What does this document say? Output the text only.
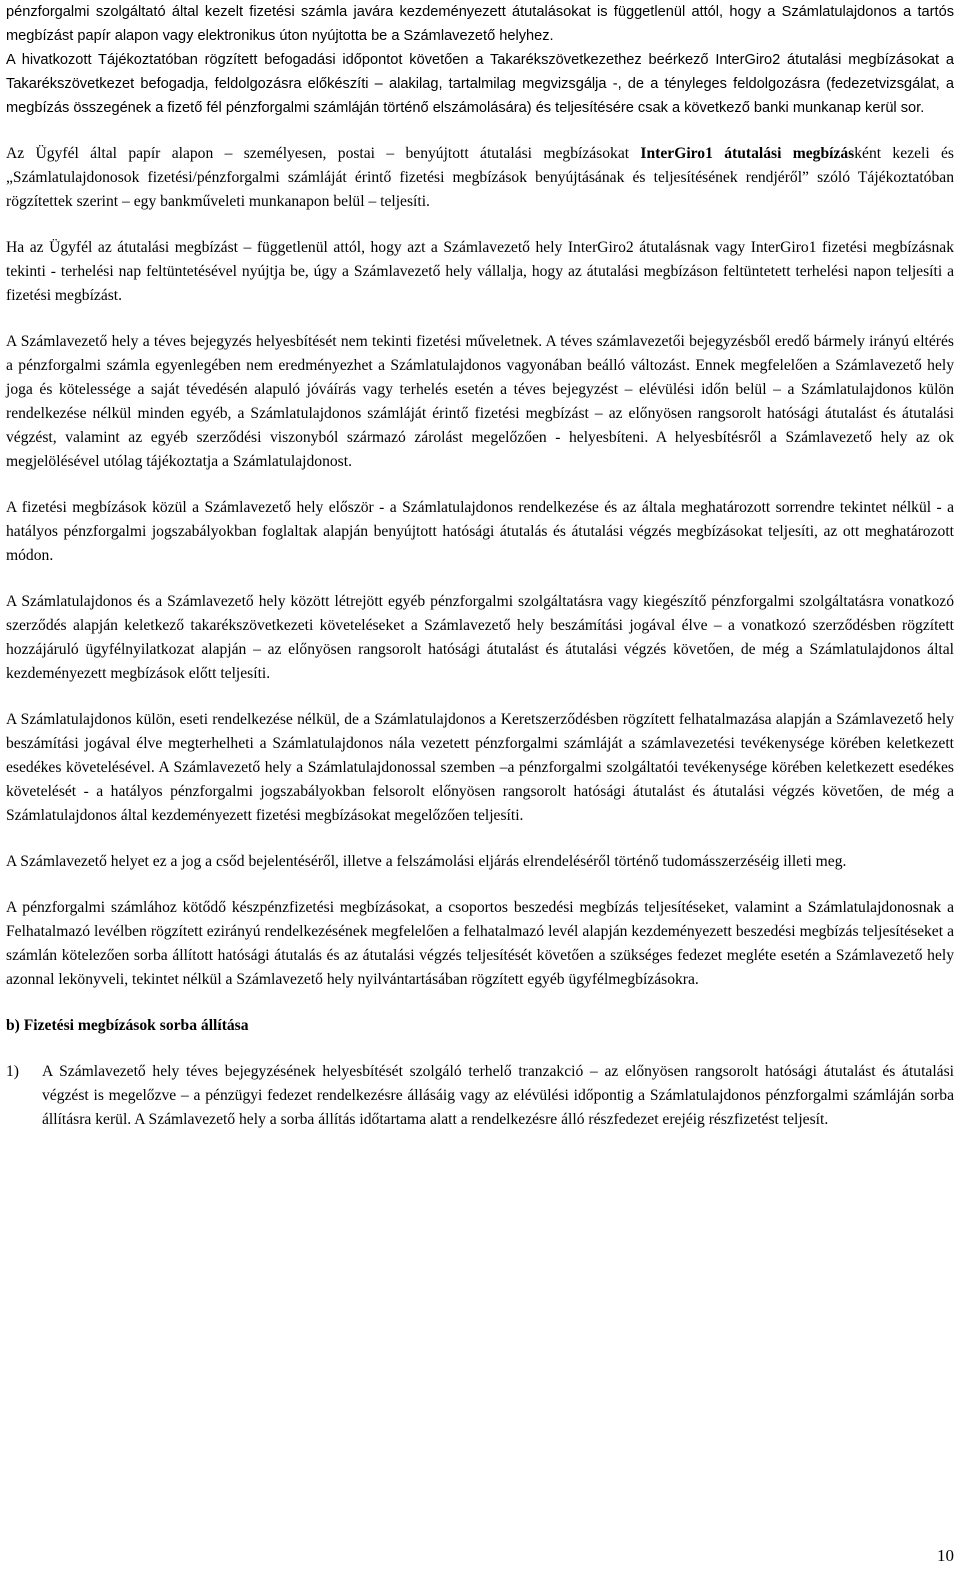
pénzforgalmi szolgáltató által kezelt fizetési számla javára kezdeményezett átutalásokat is függetlenül attól, hogy a Számlatulajdonos a tartós megbízást papír alapon vagy elektronikus úton nyújtotta be a Számlavezető helyhez.

A hivatkozott Tájékoztatóban rögzített befogadási időpontot követően a Takarékszövetkezethez beérkező InterGiro2 átutalási megbízásokat a Takarékszövetkezet befogadja, feldolgozásra előkészíti – alakilag, tartalmilag megvizsgálja -, de a tényleges feldolgozásra (fedezetvizsgálat, a megbízás összegének a fizető fél pénzforgalmi számláján történő elszámolására) és teljesítésére csak a következő banki munkanap kerül sor.

Az Ügyfél által papír alapon – személyesen, postai – benyújtott átutalási megbízásokat InterGiro1 átutalási megbízásként kezeli és „Számlatulajdonosok fizetési/pénzforgalmi számláját érintő fizetési megbízások benyújtásának és teljesítésének rendjéről” szóló Tájékoztatóban rögzítettek szerint – egy bankműveleti munkanapon belül – teljesíti.

Ha az Ügyfél az átutalási megbízást – függetlenül attól, hogy azt a Számlavezető hely InterGiro2 átutalásnak vagy InterGiro1 fizetési megbízásnak tekinti - terhelési nap feltüntetésével nyújtja be, úgy a Számlavezető hely vállalja, hogy az átutalási megbízáson feltüntetett terhelési napon teljesíti a fizetési megbízást.

A Számlavezető hely a téves bejegyzés helyesbítését nem tekinti fizetési műveletnek. A téves számlavezetői bejegyzésből eredő bármely irányú eltérés a pénzforgalmi számla egyenlegében nem eredményezhet a Számlatulajdonos vagyonában beálló változást. Ennek megfelelően a Számlavezető hely joga és kötelessége a saját tévedésén alapuló jóváírás vagy terhelés esetén a téves bejegyzést – elévülési időn belül – a Számlatulajdonos külön rendelkezése nélkül minden egyéb, a Számlatulajdonos számláját érintő fizetési megbízást – az előnyösen rangsorolt hatósági átutalást és átutalási végzést, valamint az egyéb szerződési viszonyból származó zárolást megelőzően - helyesbíteni. A helyesbítésről a Számlavezető hely az ok megjelölésével utólag tájékoztatja a Számlatulajdonost.

A fizetési megbízások közül a Számlavezető hely először - a Számlatulajdonos rendelkezése és az általa meghatározott sorrendre tekintet nélkül - a hatályos pénzforgalmi jogszabályokban foglaltak alapján benyújtott hatósági átutalás és átutalási végzés megbízásokat teljesíti, az ott meghatározott módon.

A Számlatulajdonos és a Számlavezető hely között létrejött egyéb pénzforgalmi szolgáltatásra vagy kiegészítő pénzforgalmi szolgáltatásra vonatkozó szerződés alapján keletkező takarékszövetkezeti követeléseket a Számlavezető hely beszámítási jogával élve – a vonatkozó szerződésben rögzített hozzájáruló ügyfélnyilatkozat alapján – az előnyösen rangsorolt hatósági átutalást és átutalási végzés követően, de még a Számlatulajdonos által kezdeményezett megbízások előtt teljesíti.

A Számlatulajdonos külön, eseti rendelkezése nélkül, de a Számlatulajdonos a Keretszerződésben rögzített felhatalmazása alapján a Számlavezető hely beszámítási jogával élve megterhelheti a Számlatulajdonos nála vezetett pénzforgalmi számláját a számlavezetési tevékenysége körében keletkezett esedékes követelésével. A Számlavezető hely a Számlatulajdonossal szemben –a pénzforgalmi szolgáltatói tevékenysége körében keletkezett esedékes követelését - a hatályos pénzforgalmi jogszabályokban felsorolt előnyösen rangsorolt hatósági átutalást és átutalási végzés követően, de még a Számlatulajdonos által kezdeményezett fizetési megbízásokat megelőzően teljesíti.

A Számlavezető helyet ez a jog a csőd bejelentéséről, illetve a felszámolási eljárás elrendeléséről történő tudomásszerzéséig illeti meg.

A pénzforgalmi számlához kötődő készpénzfizetési megbízásokat, a csoportos beszedési megbízás teljesítéseket, valamint a Számlatulajdonosnak a Felhatalmazó levélben rögzített ezirányú rendelkezésének megfelelően a felhatalmazó levél alapján kezdeményezett beszedési megbízás teljesítéseket a számlán kötelezően sorba állított hatósági átutalás és az átutalási végzés teljesítését követően a szükséges fedezet megléte esetén a Számlavezető hely azonnal lekönyveli, tekintet nélkül a Számlavezető hely nyilvántartásában rögzített egyéb ügyfélmegbízásokra.

b) Fizetési megbízások sorba állítása

1)	A Számlavezető hely téves bejegyzésének helyesbítését szolgáló terhelő tranzakció – az előnyösen rangsorolt hatósági átutalást és átutalási végzést is megelőzve – a pénzügyi fedezet rendelkezésre állásáig vagy az elévülési időpontig a Számlatulajdonos pénzforgalmi számláján sorba állításra kerül. A Számlavezető hely a sorba állítás időtartama alatt a rendelkezésre álló részfedezet erejéig részfizetést teljesít.
10
